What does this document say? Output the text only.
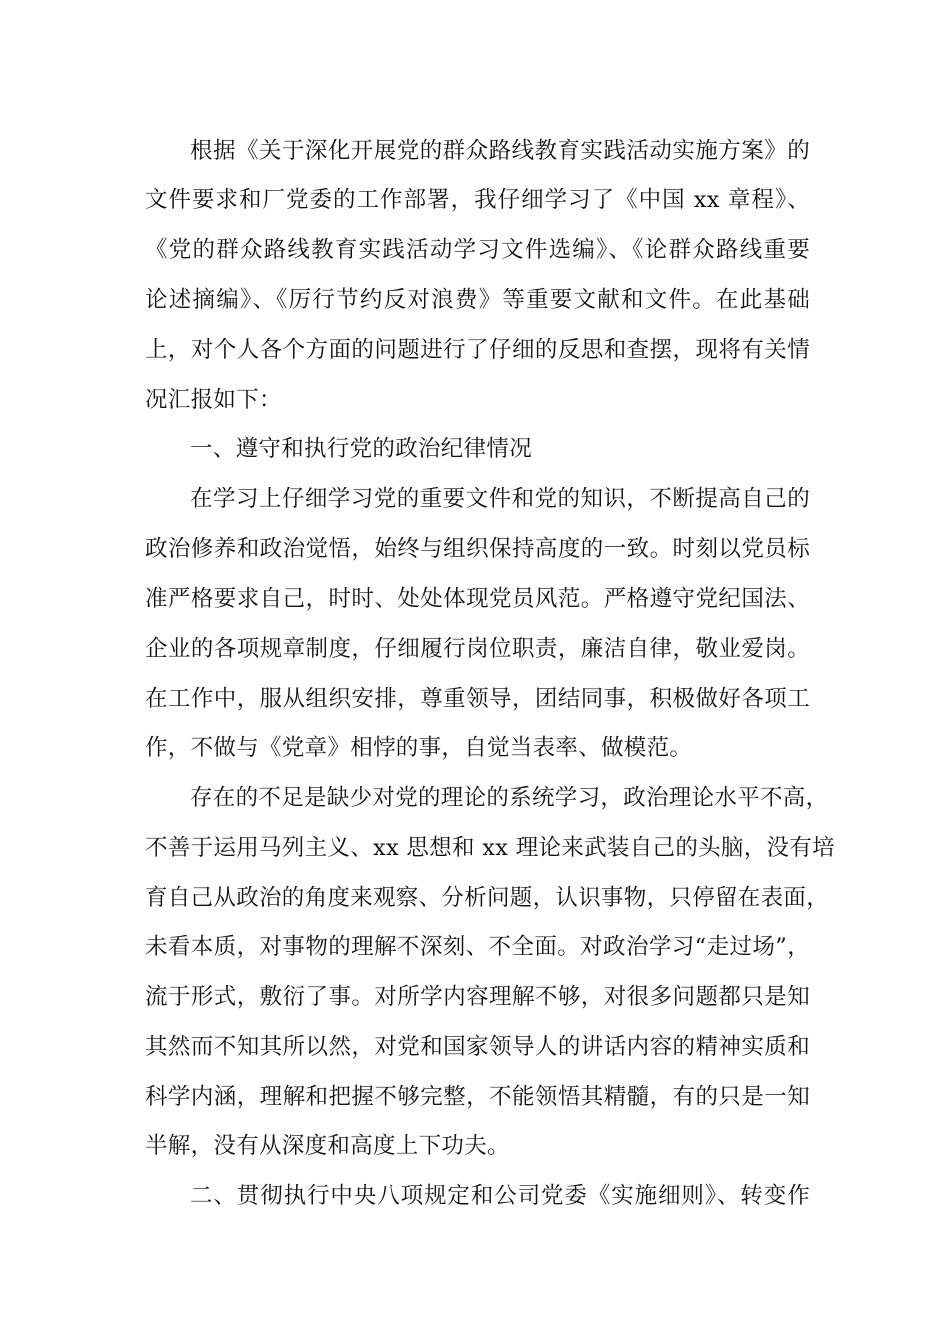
根据《关于深化开展党的群众路线教育实践活动实施方案》的
文件要求和厂党委的工作部署，我仔细学习了《中国 xx 章程》、
《党的群众路线教育实践活动学习文件选编》、《论群众路线重要
论述摘编》、《厉行节约反对浪费》等重要文献和文件。在此基础
上，对个人各个方面的问题进行了仔细的反思和查摆，现将有关情
况汇报如下：
一、遵守和执行党的政治纪律情况
在学习上仔细学习党的重要文件和党的知识，不断提高自己的
政治修养和政治觉悟，始终与组织保持高度的一致。时刻以党员标
准严格要求自己，时时、处处体现党员风范。严格遵守党纪国法、
企业的各项规章制度，仔细履行岗位职责，廉洁自律，敬业爱岗。
在工作中，服从组织安排，尊重领导，团结同事，积极做好各项工
作，不做与《党章》相悖的事，自觉当表率、做模范。
存在的不足是缺少对党的理论的系统学习，政治理论水平不高，
不善于运用马列主义、xx 思想和 xx 理论来武装自己的头脑，没有培
育自己从政治的角度来观察、分析问题，认识事物，只停留在表面，
未看本质，对事物的理解不深刻、不全面。对政治学习“走过场”，
流于形式，敷衍了事。对所学内容理解不够，对很多问题都只是知
其然而不知其所以然，对党和国家领导人的讲话内容的精神实质和
科学内涵，理解和把握不够完整，不能领悟其精髓，有的只是一知
半解，没有从深度和高度上下功夫。
二、贯彻执行中央八项规定和公司党委《实施细则》、转变作
